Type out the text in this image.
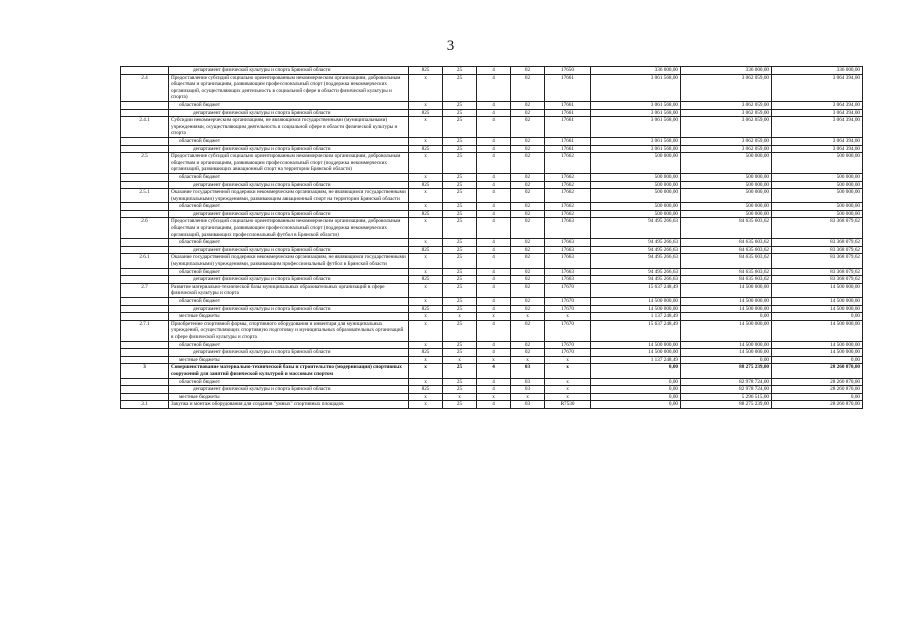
3
	департамент физической культуры и спорта Брянской области	825	25	4	02	17650	336 000,00	336 000,00	336 000,00
2.4	Предоставление субсидий социально ориентированным некоммерческим организациям, добровольным обществам и организациям, развивающим профессиональный спорт (поддержка некоммерческих организаций, осуществляющих деятельность в социальной сфере в области физической культуры и спорта)	х	25	4	02	17661	3 061 568,00	3 062 059,00	3 064 394,00
	областной бюджет	х	25	4	02	17661	3 061 568,00	3 062 059,00	3 064 394,00
	департамент физической культуры и спорта Брянской области	825	25	4	02	17661	3 061 568,00	3 062 059,00	3 064 394,00
2.4.1	Субсидии некоммерческим организациям, не являющимся государственными (муниципальными) учреждениями, осуществляющим деятельность в социальной сфере в области физической культуры и спорта	х	25	4	02	17661	3 061 568,00	3 062 059,00	3 064 394,00
	областной бюджет	х	25	4	02	17661	3 061 568,00	3 062 059,00	3 064 394,00
	департамент физической культуры и спорта Брянской области	825	25	4	02	17661	3 061 568,00	3 062 059,00	3 064 394,00
2.5	Предоставление субсидий социально ориентированным некоммерческим организациям, добровольным обществам и организациям, развивающим профессиональный спорт (поддержка некоммерческих организаций, развивающих авиационный спорт на территории Брянской области)	х	25	4	02	17662	500 000,00	500 000,00	500 000,00
	областной бюджет	х	25	4	02	17662	500 000,00	500 000,00	500 000,00
	департамент физической культуры и спорта Брянской области	825	25	4	02	17662	500 000,00	500 000,00	500 000,00
2.5.1	Оказание государственной поддержки некоммерческим организациям, не являющимся государственными (муниципальными) учреждениями, развивающим авиационный спорт на территории Брянской области	х	25	4	02	17662	500 000,00	500 000,00	500 000,00
	областной бюджет	х	25	4	02	17662	500 000,00	500 000,00	500 000,00
	департамент физической культуры и спорта Брянской области	825	25	4	02	17662	500 000,00	500 000,00	500 000,00
2.6	Предоставление субсидий социально ориентированным некоммерческим организациям, добровольным обществам и организациям, развивающим профессиональный спорт (поддержка некоммерческих организаций, развивающих профессиональный футбол в Брянской области)	х	25	4	02	17663	94 495 266,63	84 635 603,62	83 368 079,62
	областной бюджет	х	25	4	02	17663	94 495 266,63	84 635 603,62	83 368 079,62
	департамент физической культуры и спорта Брянской области	825	25	4	02	17663	94 495 266,63	84 635 603,62	83 368 079,62
2.6.1	Оказание государственной поддержки некоммерческим организациям, не являющимся государственными (муниципальными) учреждениями, развивающим профессиональный футбол в Брянской области	х	25	4	02	17663	94 495 266,63	84 635 603,62	83 368 079,62
	областной бюджет	х	25	4	02	17663	94 495 266,63	84 635 603,62	83 368 079,62
	департамент физической культуры и спорта Брянской области	825	25	4	02	17663	94 495 266,63	84 635 603,62	83 368 079,62
2.7	Развитие материально-технической базы муниципальных образовательных организаций в сфере физической культуры и спорта	х	25	4	02	17670	15 637 248,49	14 500 000,00	14 500 000,00
	областной бюджет	х	25	4	02	17670	14 500 000,00	14 500 000,00	14 500 000,00
	департамент физической культуры и спорта Брянской области	825	25	4	02	17670	14 500 000,00	14 500 000,00	14 500 000,00
	местные бюджеты	х	х	х	х	х	1 137 248,49	0,00	0,00
2.7.1	Приобретение спортивной формы, спортивного оборудования и инвентаря для муниципальных учреждений, осуществляющих спортивную подготовку и муниципальных образовательных организаций в сфере физической культуры и спорта	х	25	4	02	17670	15 637 248,49	14 500 000,00	14 500 000,00
	областной бюджет	х	25	4	02	17670	14 500 000,00	14 500 000,00	14 500 000,00
	департамент физической культуры и спорта Брянской области	825	25	4	02	17670	14 500 000,00	14 500 000,00	14 500 000,00
	местные бюджеты	х	х	х	х	х	1 137 248,49	0,00	0,00
3	Совершенствование материально-технической базы и строительство (модернизация) спортивных сооружений для занятий физической культурой и массовым спортом	х	25	4	03	х	0,00	88 275 239,00	28 260 870,00
	областной бюджет	х	25	4	03	х	0,00	82 978 724,00	28 260 870,00
	департамент физической культуры и спорта Брянской области	825	25	4	03	х	0,00	82 978 724,00	28 260 870,00
	местные бюджеты	х	х	х	х	х	0,00	5 296 515,00	0,00
3.1	Закупка и монтаж оборудования для создания "умных" спортивных площадок	х	25	4	03	R7530	0,00	88 275 239,00	28 260 870,00
